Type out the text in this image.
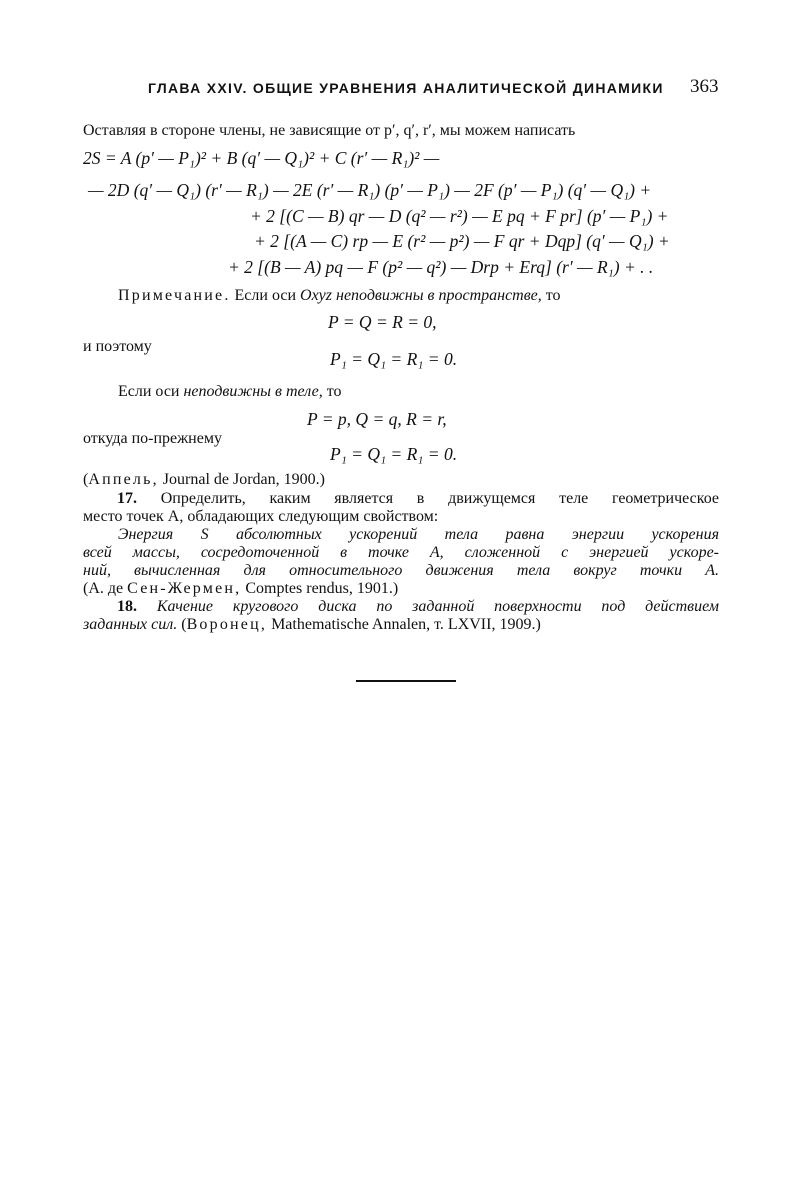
ГЛАВА XXIV. ОБЩИЕ УРАВНЕНИЯ АНАЛИТИЧЕСКОЙ ДИНАМИКИ 363
Оставляя в стороне члены, не зависящие от p′, q′, r′, мы можем написать
2S = A (p′ — P₁)² + B (q′ — Q₁)² + C (r′ — R₁)² —
— 2D (q′ — Q₁) (r′ — R₁) — 2E (r′ — R₁) (p′ — P₁) — 2F (p′ — P₁) (q′ — Q₁) +
+ 2 [(C — B) qr — D (q² — r²) — E pq + F pr] (p′ — P₁) +
+ 2 [(A — C) rp — E (r² — p²) — F qr + Dqp] (q′ — Q₁) +
+ 2 [(B — A) pq — F (p² — q²) — Drp + Erq] (r′ — R₁) + . .
Примечание. Если оси Oxyz неподвижны в пространстве, то
P = Q = R = 0,
и поэтому
P₁ = Q₁ = R₁ = 0.
Если оси неподвижны в теле, то
P = p, Q = q, R = r,
откуда по-прежнему
P₁ = Q₁ = R₁ = 0.
(Аппель, Journal de Jordan, 1900.)
17. Определить, каким является в движущемся теле геометрическое
место точек A, обладающих следующим свойством:
Энергия S абсолютных ускорений тела равна энергии ускорения
всей массы, сосредоточенной в точке A, сложенной с энергией ускоре-
ний, вычисленная для относительного движения тела вокруг точки A.
(А. де Сен-Жермен, Comptes rendus, 1901.)
18. Качение кругового диска по заданной поверхности под действием
заданных сил. (Воронец, Mathematische Annalen, т. LXVII, 1909.)
